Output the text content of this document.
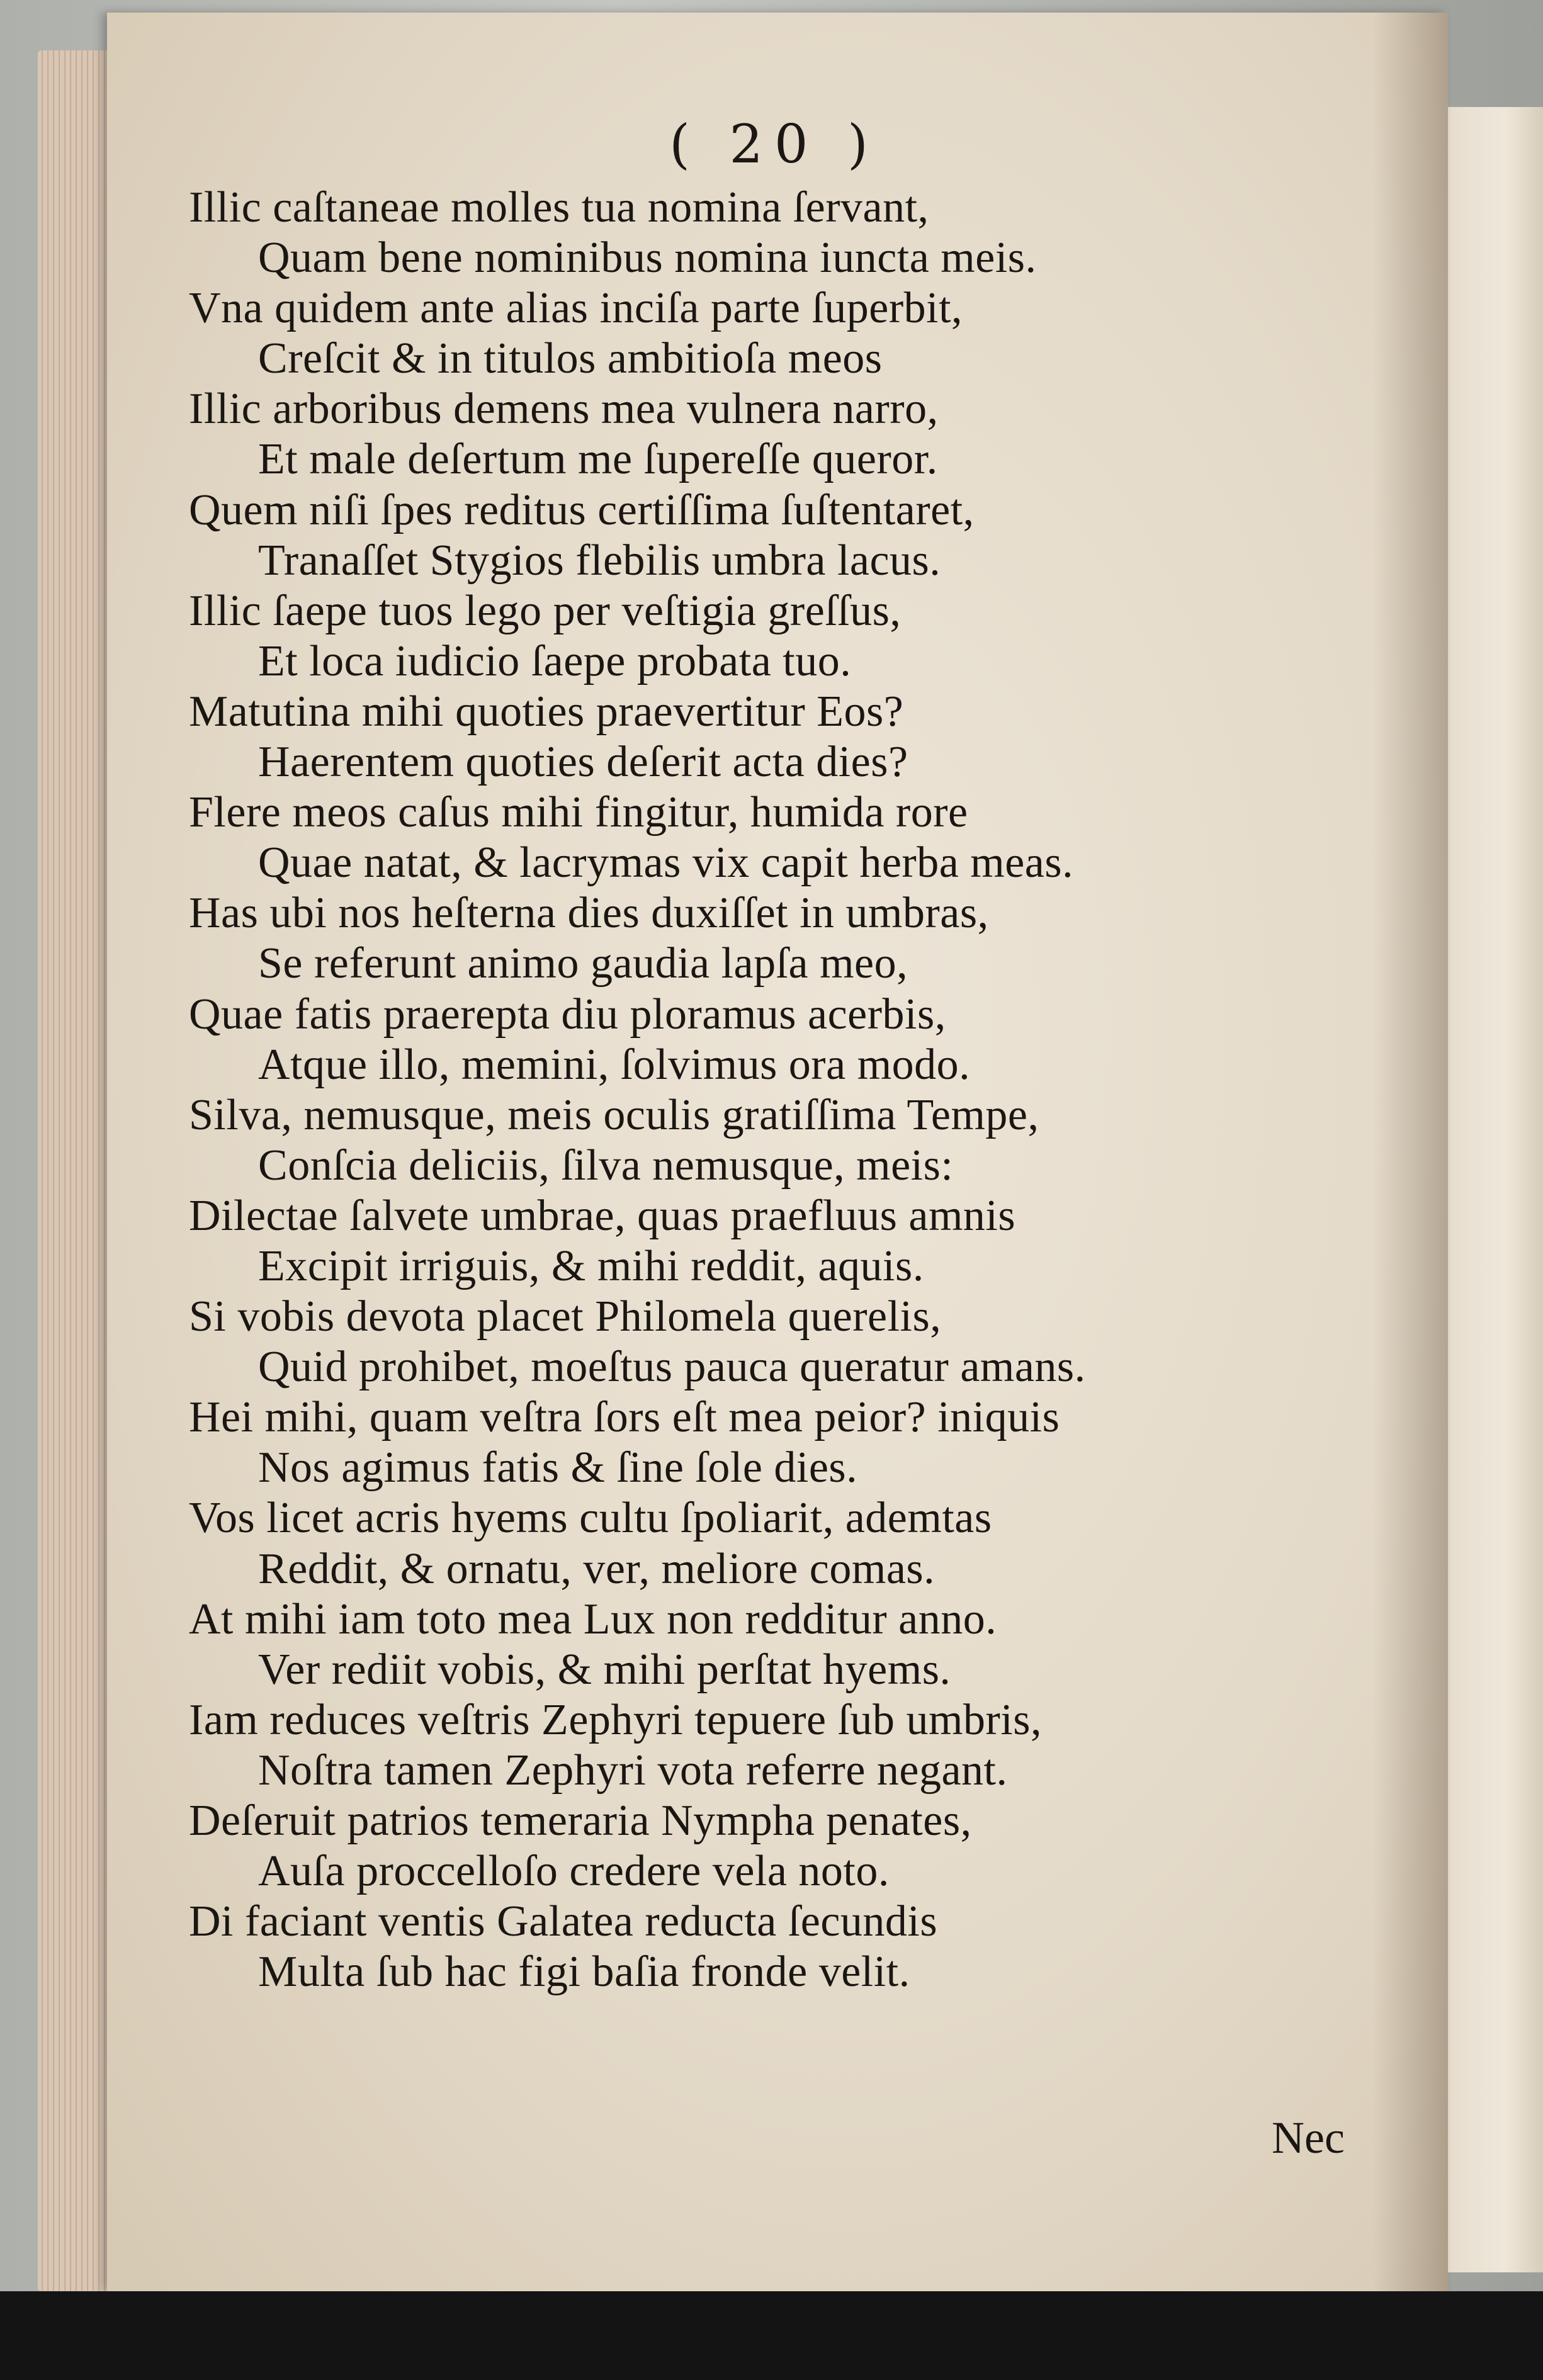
( 20 )
Illic caſtaneae molles tua nomina ſervant,
Quam bene nominibus nomina iuncta meis.
Vna quidem ante alias inciſa parte ſuperbit,
Creſcit & in titulos ambitioſa meos
Illic arboribus demens mea vulnera narro,
Et male deſertum me ſupereſſe queror.
Quem niſi ſpes reditus certiſſima ſuſtentaret,
Tranaſſet Stygios flebilis umbra lacus.
Illic ſaepe tuos lego per veſtigia greſſus,
Et loca iudicio ſaepe probata tuo.
Matutina mihi quoties praevertitur Eos?
Haerentem quoties deſerit acta dies?
Flere meos caſus mihi fingitur, humida rore
Quae natat, & lacrymas vix capit herba meas.
Has ubi nos heſterna dies duxiſſet in umbras,
Se referunt animo gaudia lapſa meo,
Quae fatis praerepta diu ploramus acerbis,
Atque illo, memini, ſolvimus ora modo.
Silva, nemusque, meis oculis gratiſſima Tempe,
Conſcia deliciis, ſilva nemusque, meis:
Dilectae ſalvete umbrae, quas praefluus amnis
Excipit irriguis, & mihi reddit, aquis.
Si vobis devota placet Philomela querelis,
Quid prohibet, moeſtus pauca queratur amans.
Hei mihi, quam veſtra ſors eſt mea peior? iniquis
Nos agimus fatis & ſine ſole dies.
Vos licet acris hyems cultu ſpoliarit, ademtas
Reddit, & ornatu, ver, meliore comas.
At mihi iam toto mea Lux non redditur anno.
Ver rediit vobis, & mihi perſtat hyems.
Iam reduces veſtris Zephyri tepuere ſub umbris,
Noſtra tamen Zephyri vota referre negant.
Deſeruit patrios temeraria Nympha penates,
Auſa proccelloſo credere vela noto.
Di faciant ventis Galatea reducta ſecundis
Multa ſub hac figi baſia fronde velit.
Nec
